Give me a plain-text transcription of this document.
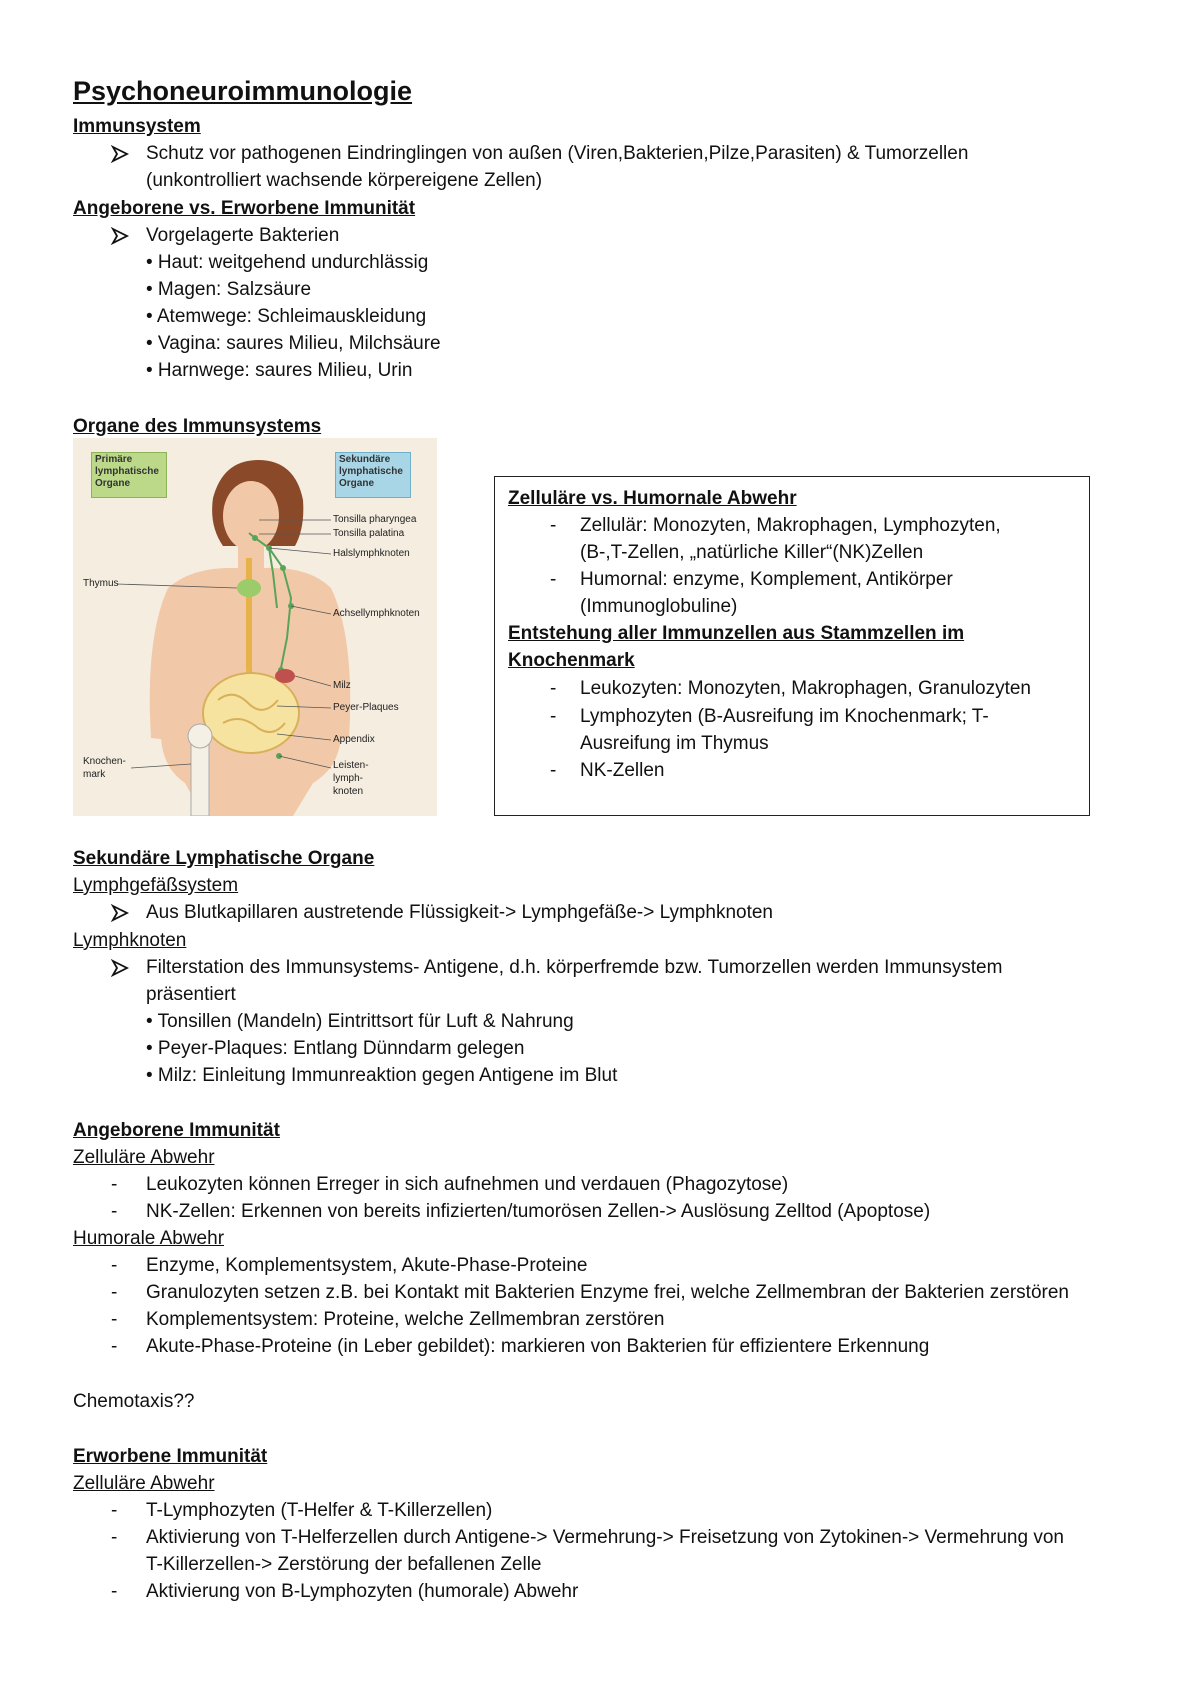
Psychoneuroimmunologie
Immunsystem
Schutz vor pathogenen Eindringlingen von außen (Viren,Bakterien,Pilze,Parasiten) & Tumorzellen
(unkontrolliert wachsende körpereigene Zellen)
Angeborene vs. Erworbene Immunität
Vorgelagerte Bakterien
• Haut: weitgehend undurchlässig
• Magen: Salzsäure
• Atemwege: Schleimauskleidung
• Vagina: saures Milieu, Milchsäure
• Harnwege: saures Milieu, Urin
Organe des Immunsystems
Primäre lymphatische Organe
Sekundäre lymphatische Organe
Tonsilla pharyngea
Tonsilla palatina
Halslymphknoten
Thymus
Achsellymphknoten
Milz
Peyer-Plaques
Appendix
Knochen-
mark
Leisten-
lymph-
knoten
Zelluläre vs. Humornale Abwehr
- Zellulär: Monozyten, Makrophagen, Lymphozyten,
(B-,T-Zellen, „natürliche Killer“(NK)Zellen
- Humornal: enzyme, Komplement, Antikörper
(Immunoglobuline)
Entstehung aller Immunzellen aus Stammzellen im
Knochenmark
- Leukozyten: Monozyten, Makrophagen, Granulozyten
- Lymphozyten (B-Ausreifung im Knochenmark; T-
Ausreifung im Thymus
- NK-Zellen
Sekundäre Lymphatische Organe
Lymphgefäßsystem
Aus Blutkapillaren austretende Flüssigkeit-> Lymphgefäße-> Lymphknoten
Lymphknoten
Filterstation des Immunsystems- Antigene, d.h. körperfremde bzw. Tumorzellen werden Immunsystem
präsentiert
• Tonsillen (Mandeln) Eintrittsort für Luft & Nahrung
• Peyer-Plaques: Entlang Dünndarm gelegen
• Milz: Einleitung Immunreaktion gegen Antigene im Blut
Angeborene Immunität
Zelluläre Abwehr
- Leukozyten können Erreger in sich aufnehmen und verdauen (Phagozytose)
- NK-Zellen: Erkennen von bereits infizierten/tumorösen Zellen-> Auslösung Zelltod (Apoptose)
Humorale Abwehr
- Enzyme, Komplementsystem, Akute-Phase-Proteine
- Granulozyten setzen z.B. bei Kontakt mit Bakterien Enzyme frei, welche Zellmembran der Bakterien zerstören
- Komplementsystem: Proteine, welche Zellmembran zerstören
- Akute-Phase-Proteine (in Leber gebildet): markieren von Bakterien für effizientere Erkennung
Chemotaxis??
Erworbene Immunität
Zelluläre Abwehr
- T-Lymphozyten (T-Helfer & T-Killerzellen)
- Aktivierung von T-Helferzellen durch Antigene-> Vermehrung-> Freisetzung von Zytokinen-> Vermehrung von
T-Killerzellen-> Zerstörung der befallenen Zelle
- Aktivierung von B-Lymphozyten (humorale) Abwehr
